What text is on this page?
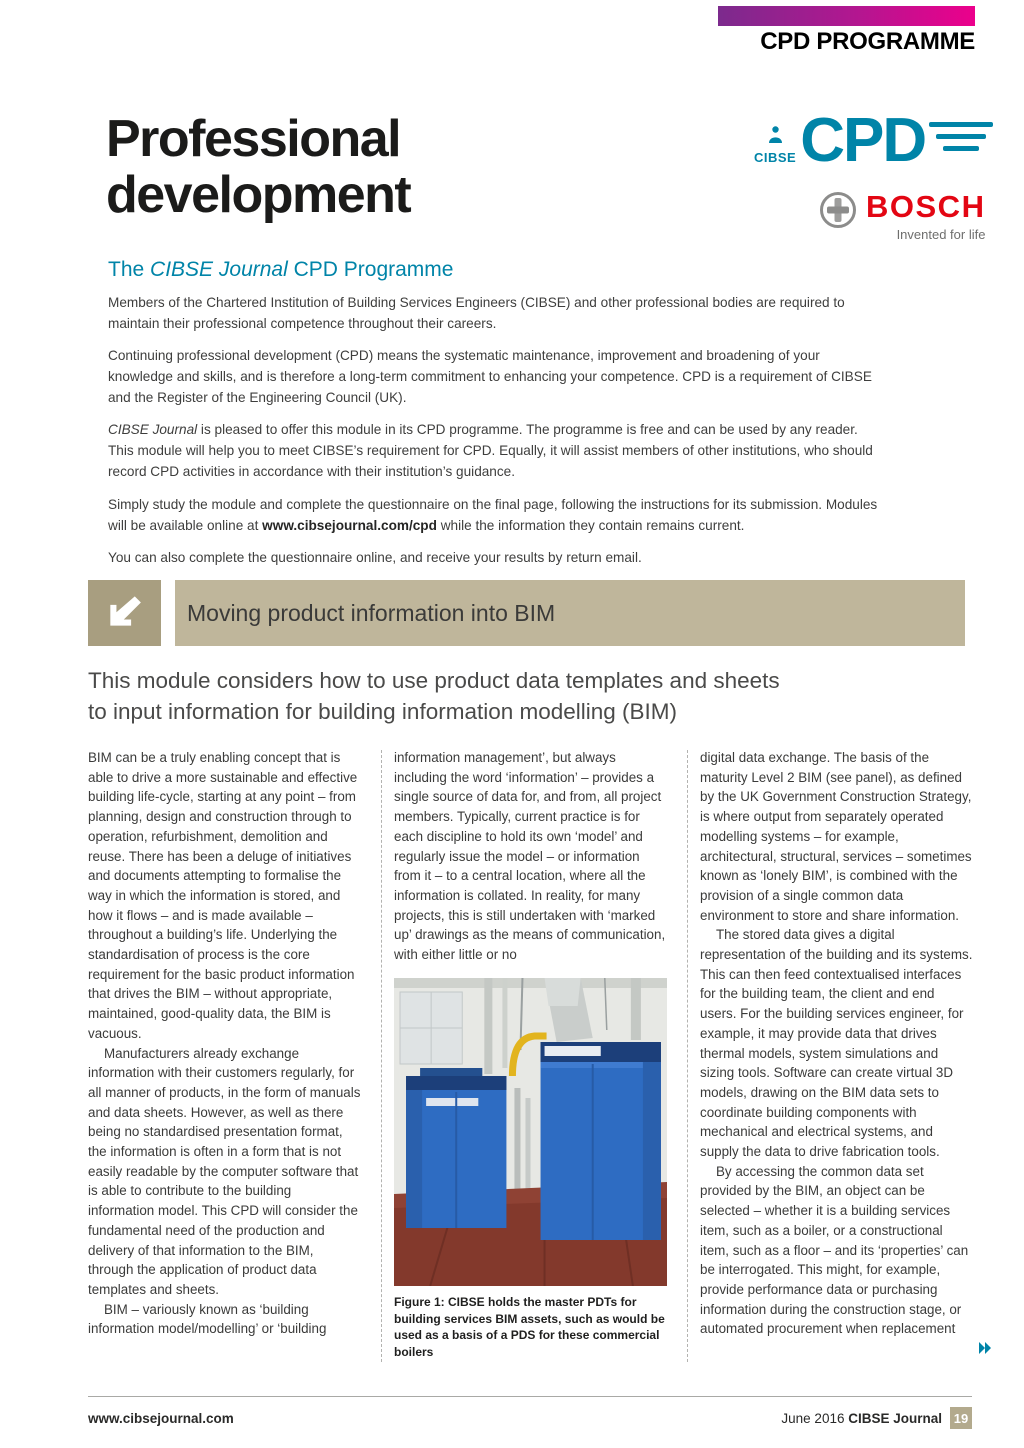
CPD PROGRAMME
Professional
development
CIBSE CPD
BOSCH
Invented for life
The CIBSE Journal CPD Programme

Members of the Chartered Institution of Building Services Engineers (CIBSE) and other professional bodies are required to maintain their professional competence throughout their careers.

Continuing professional development (CPD) means the systematic maintenance, improvement and broadening of your knowledge and skills, and is therefore a long-term commitment to enhancing your competence. CPD is a requirement of CIBSE and the Register of the Engineering Council (UK).

CIBSE Journal is pleased to offer this module in its CPD programme. The programme is free and can be used by any reader. This module will help you to meet CIBSE’s requirement for CPD. Equally, it will assist members of other institutions, who should record CPD activities in accordance with their institution’s guidance.

Simply study the module and complete the questionnaire on the final page, following the instructions for its submission. Modules will be available online at www.cibsejournal.com/cpd while the information they contain remains current.

You can also complete the questionnaire online, and receive your results by return email.

Moving product information into BIM
This module considers how to use product data templates and sheets
to input information for building information modelling (BIM)

BIM can be a truly enabling concept that is able to drive a more sustainable and effective building life-cycle, starting at any point – from planning, design and construction through to operation, refurbishment, demolition and reuse. There has been a deluge of initiatives and documents attempting to formalise the way in which the information is stored, and how it flows – and is made available – throughout a building’s life. Underlying the standardisation of process is the core requirement for the basic product information that drives the BIM – without appropriate, maintained, good-quality data, the BIM is vacuous.

Manufacturers already exchange information with their customers regularly, for all manner of products, in the form of manuals and data sheets. However, as well as there being no standardised presentation format, the information is often in a form that is not easily readable by the computer software that is able to contribute to the building information model. This CPD will consider the fundamental need of the production and delivery of that information to the BIM, through the application of product data templates and sheets.

BIM – variously known as ‘building information model/modelling’ or ‘building

information management’, but always including the word ‘information’ – provides a single source of data for, and from, all project members. Typically, current practice is for each discipline to hold its own ‘model’ and regularly issue the model – or information from it – to a central location, where all the information is collated. In reality, for many projects, this is still undertaken with ‘marked up’ drawings as the means of communication, with either little or no

Figure 1: CIBSE holds the master PDTs for building services BIM assets, such as would be used as a basis of a PDS for these commercial boilers

digital data exchange. The basis of the maturity Level 2 BIM (see panel), as defined by the UK Government Construction Strategy, is where output from separately operated modelling systems – for example, architectural, structural, services – sometimes known as ‘lonely BIM’, is combined with the provision of a single common data environment to store and share information.

The stored data gives a digital representation of the building and its systems. This can then feed contextualised interfaces for the building team, the client and end users. For the building services engineer, for example, it may provide data that drives thermal models, system simulations and sizing tools. Software can create virtual 3D models, drawing on the BIM data sets to coordinate building components with mechanical and electrical systems, and supply the data to drive fabrication tools.

By accessing the common data set provided by the BIM, an object can be selected – whether it is a building services item, such as a boiler, or a constructional item, such as a floor – and its ‘properties’ can be interrogated. This might, for example, provide performance data or purchasing information during the construction stage, or automated procurement when replacement

www.cibsejournal.com	June 2016 CIBSE Journal 19
